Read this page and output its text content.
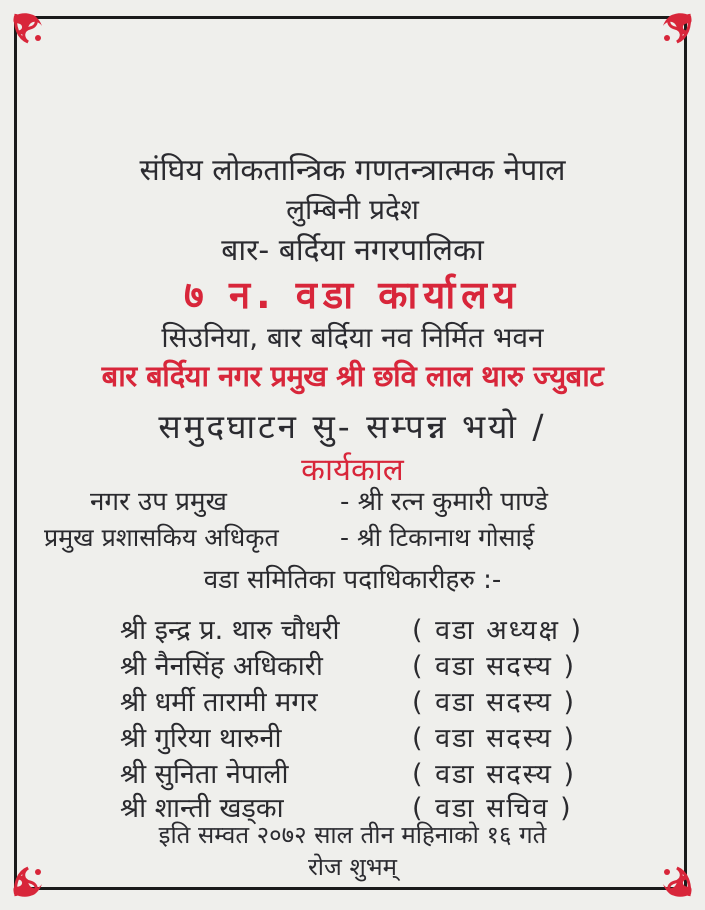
संघिय लोकतान्त्रिक गणतन्त्रात्मक नेपाल
लुम्बिनी प्रदेश
बार- बर्दिया नगरपालिका
७ न. वडा कार्यालय
सिउनिया, बार बर्दिया नव निर्मित भवन
बार बर्दिया नगर प्रमुख श्री छवि लाल थारु ज्युबाट
समुदघाटन सु- सम्पन्न भयो /
कार्यकाल
नगर उप प्रमुख	- श्री रत्न कुमारी पाण्डे
प्रमुख प्रशासकिय अधिकृत - श्री टिकानाथ गोसाई
वडा समितिका पदाधिकारीहरु :-
श्री इन्द्र प्र. थारु चौधरी	( वडा अध्यक्ष )
श्री नैनसिंह अधिकारी	( वडा सदस्य )
श्री धर्मी तारामी मगर	( वडा सदस्य )
श्री गुरिया थारुनी	( वडा सदस्य )
श्री सुनिता नेपाली	( वडा सदस्य )
श्री शान्ती खड्का	( वडा सचिव )
इति सम्वत २०७२ साल तीन महिनाको १६ गते
रोज शुभम्
